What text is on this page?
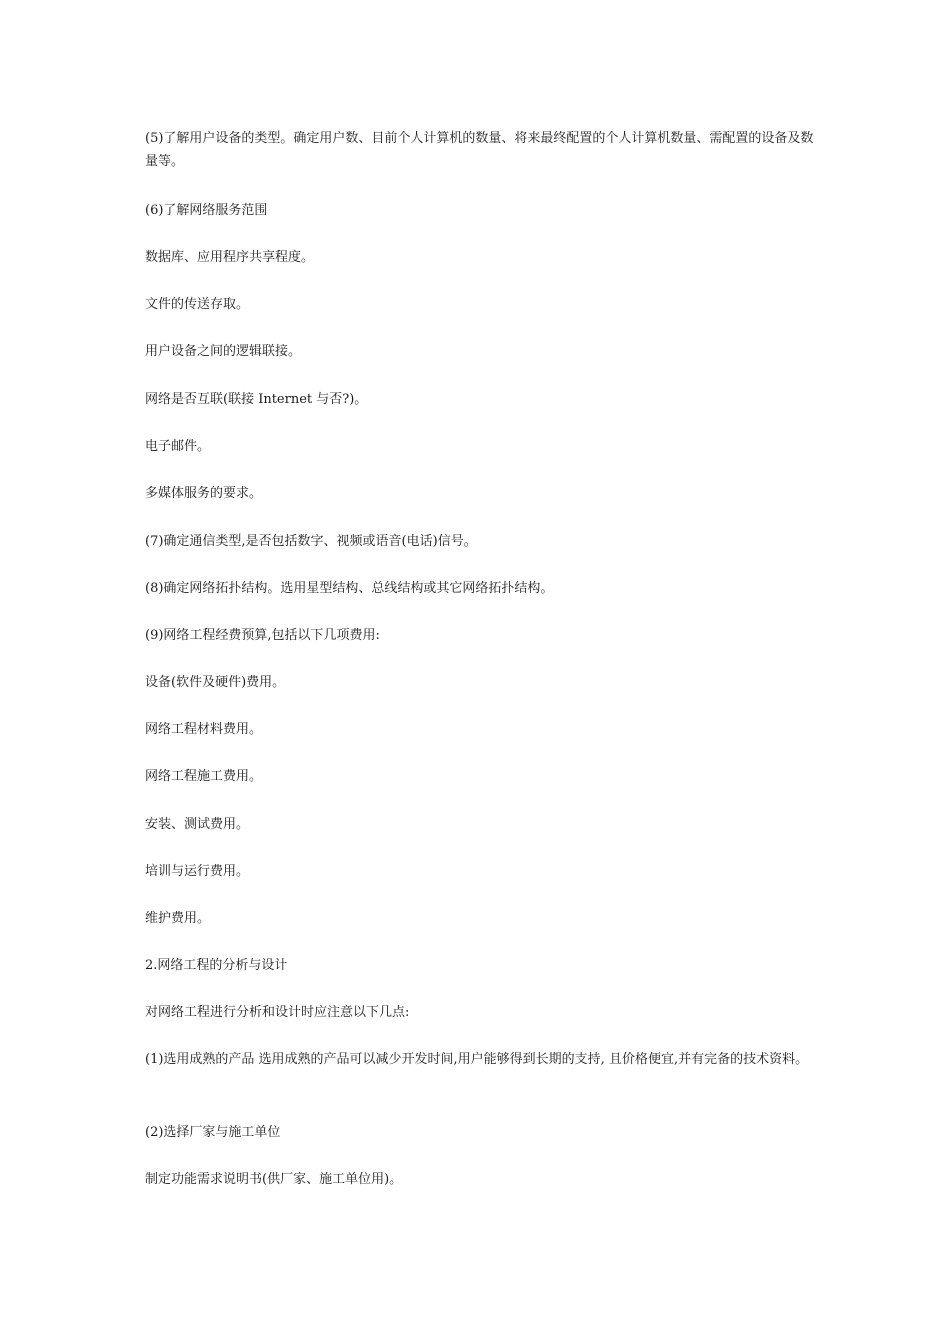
(5)了解用户设备的类型。确定用户数、目前个人计算机的数量、将来最终配置的个人计算机数量、需配置的设备及数量等。

(6)了解网络服务范围

数据库、应用程序共享程度。

文件的传送存取。

用户设备之间的逻辑联接。

网络是否互联(联接 Internet 与否?)。

电子邮件。

多媒体服务的要求。

(7)确定通信类型,是否包括数字、视频或语音(电话)信号。

(8)确定网络拓扑结构。选用星型结构、总线结构或其它网络拓扑结构。

(9)网络工程经费预算,包括以下几项费用:

设备(软件及硬件)费用。

网络工程材料费用。

网络工程施工费用。

安装、测试费用。

培训与运行费用。

维护费用。

2.网络工程的分析与设计

对网络工程进行分析和设计时应注意以下几点:

(1)选用成熟的产品 选用成熟的产品可以减少开发时间,用户能够得到长期的支持, 且价格便宜,并有完备的技术资料。

(2)选择厂家与施工单位

制定功能需求说明书(供厂家、施工单位用)。
